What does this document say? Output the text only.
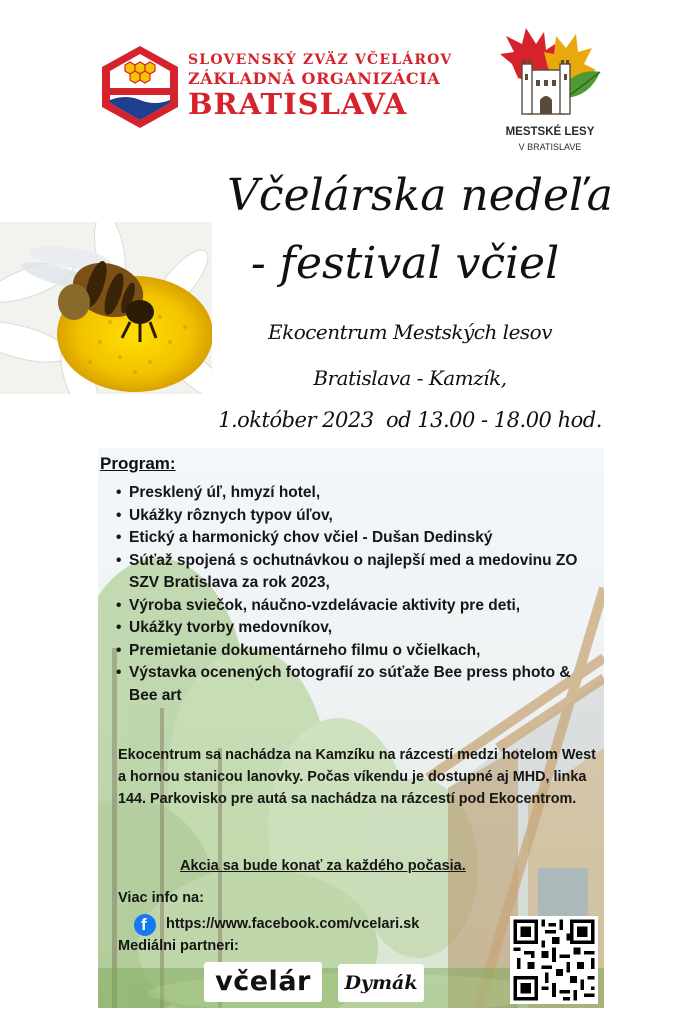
SLOVENSKÝ ZVÄZ VČELÁROV
ZÁKLADNÁ ORGANIZÁCIA
BRATISLAVA
MESTSKÉ LESY
V BRATISLAVE
Včelárska nedeľa
- festival včiel
Ekocentrum Mestských lesov
Bratislava - Kamzík,
1.október 2023  od 13.00 - 18.00 hod.
Program:
• Presklený úľ, hmyzí hotel,
• Ukážky rôznych typov úľov,
• Etický a harmonický chov včiel - Dušan Dedinský
• Súťaž spojená s ochutnávkou o najlepší med a medovinu ZO SZV Bratislava za rok 2023,
• Výroba sviečok, náučno-vzdelávacie aktivity pre deti,
• Ukážky tvorby medovníkov,
• Premietanie dokumentárneho filmu o včielkach,
• Výstavka ocenených fotografií zo súťaže Bee press photo & Bee art
Ekocentrum sa nachádza na Kamzíku na rázcestí medzi hotelom West a hornou stanicou lanovky. Počas víkendu je dostupné aj MHD, linka 144. Parkovisko pre autá sa nachádza na rázcestí pod Ekocentrom.
Akcia sa bude konať za každého počasia.
Viac info na:
f https://www.facebook.com/vcelari.sk
Mediálni partneri:
včelár	Dymák
